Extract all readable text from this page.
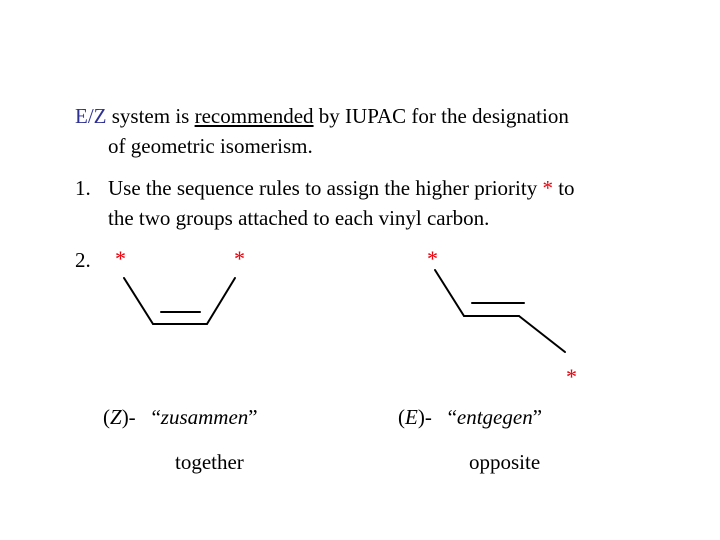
E/Z system is recommended by IUPAC for the designation
of geometric isomerism.
1. Use the sequence rules to assign the higher priority * to
the two groups attached to each vinyl carbon.
2. *	*	*
*
(Z)-   “zusammen”
together
(E)-   “entgegen”
opposite
